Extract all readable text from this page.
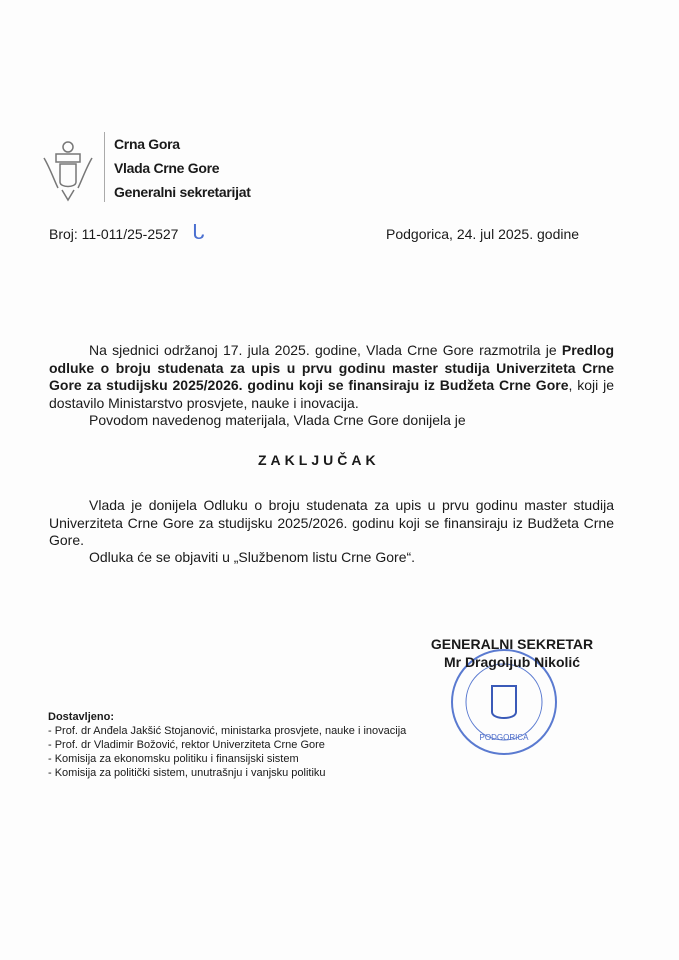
Crna Gora
Vlada Crne Gore
Generalni sekretarijat
Broj: 11-011/25-2527 ᒐ	Podgorica, 24. jul 2025. godine
Na sjednici održanoj 17. jula 2025. godine, Vlada Crne Gore razmotrila je Predlog odluke o broju studenata za upis u prvu godinu master studija Univerziteta Crne Gore za studijsku 2025/2026. godinu koji se finansiraju iz Budžeta Crne Gore, koji je dostavilo Ministarstvo prosvjete, nauke i inovacija.
Povodom navedenog materijala, Vlada Crne Gore donijela je
ZAKLJUČAK
Vlada je donijela Odluku o broju studenata za upis u prvu godinu master studija Univerziteta Crne Gore za studijsku 2025/2026. godinu koji se finansiraju iz Budžeta Crne Gore.
Odluka će se objaviti u „Službenom listu Crne Gore“.
PODGORICA
GENERALNI SEKRETAR
Mr Dragoljub Nikolić
Dostavljeno:
- Prof. dr Anđela Jakšić Stojanović, ministarka prosvjete, nauke i inovacija
- Prof. dr Vladimir Božović, rektor Univerziteta Crne Gore
- Komisija za ekonomsku politiku i finansijski sistem
- Komisija za politički sistem, unutrašnju i vanjsku politiku
